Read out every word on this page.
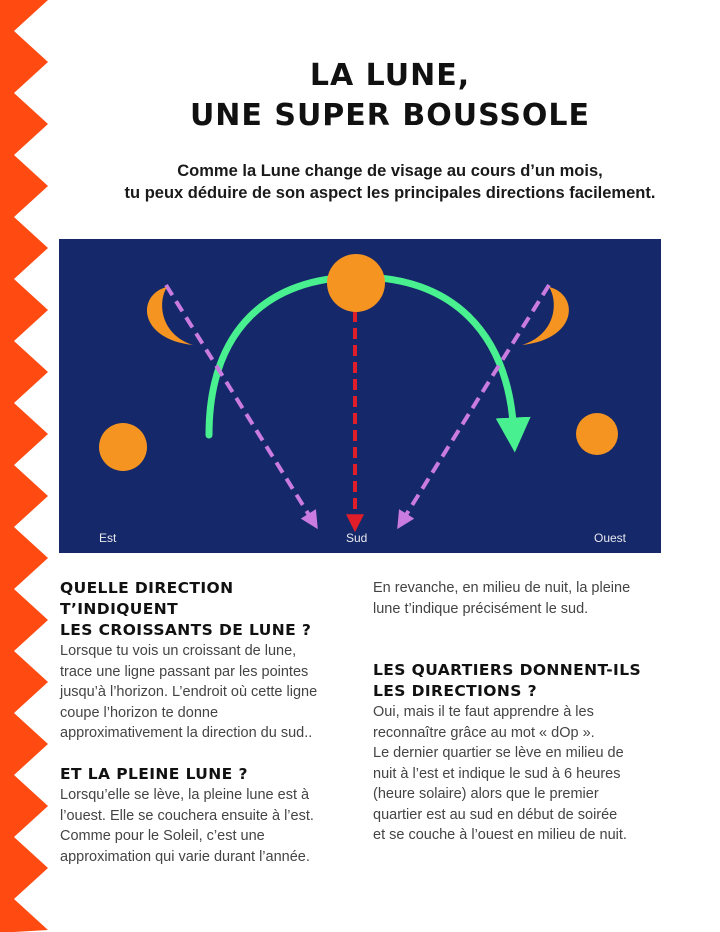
LA LUNE,
UNE SUPER BOUSSOLE
Comme la Lune change de visage au cours d’un mois,
tu peux déduire de son aspect les principales directions facilement.
Est	Sud	Ouest
QUELLE DIRECTION T’INDIQUENT
LES CROISSANTS DE LUNE ?
Lorsque tu vois un croissant de lune,
trace une ligne passant par les pointes
jusqu’à l’horizon. L’endroit où cette ligne
coupe l’horizon te donne
approximativement la direction du sud..
ET LA PLEINE LUNE ?
Lorsqu’elle se lève, la pleine lune est à
l’ouest. Elle se couchera ensuite à l’est.
Comme pour le Soleil, c’est une
approximation qui varie durant l’année.
En revanche, en milieu de nuit, la pleine
lune t’indique précisément le sud.
LES QUARTIERS DONNENT-ILS
LES DIRECTIONS ?
Oui, mais il te faut apprendre à les
reconnaître grâce au mot « dOp ».
Le dernier quartier se lève en milieu de
nuit à l’est et indique le sud à 6 heures
(heure solaire) alors que le premier
quartier est au sud en début de soirée
et se couche à l’ouest en milieu de nuit.
